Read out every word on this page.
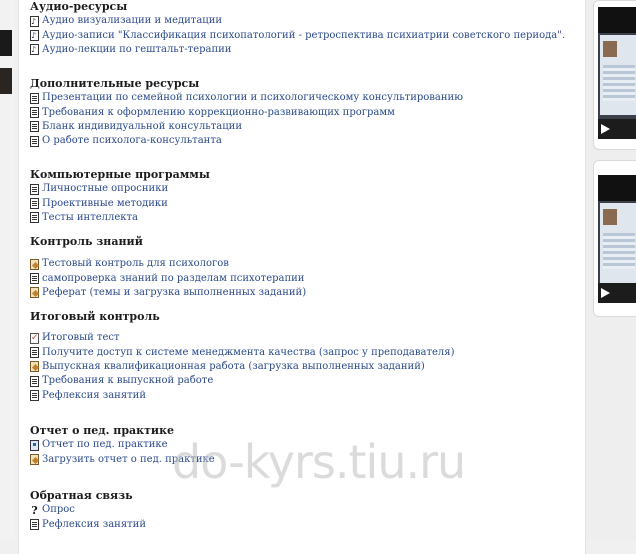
Аудио-ресурсы
♪
Аудио визуализации и медитации
♪
Аудио-записи "Классификация психопатологий - ретроспектива психиатрии советского периода".
♪
Аудио-лекции по гештальт-терапии
Дополнительные ресурсы
Презентации по семейной психологии и психологическому консультированию
Требования к оформлению коррекционно-развивающих программ
Бланк индивидуальной консультации
О работе психолога-консультанта
Компьютерные программы
Личностные опросники
Проективные методики
Тесты интеллекта
Контроль знаний
Тестовый контроль для психологов
самопроверка знаний по разделам психотерапии
Реферат (темы и загрузка выполненных заданий)
Итоговый контроль
✓
Итоговый тест
Получите доступ к системе менеджмента качества (запрос у преподавателя)
Выпускная квалификационная работа (загрузка выполненных заданий)
Требования к выпускной работе
Рефлексия занятий
Отчет о пед. практике
Отчет по пед. практике
Загрузить отчет о пед. практике
Обратная связь
? Опрос
Рефлексия занятий
do-kyrs.tiu.ru
